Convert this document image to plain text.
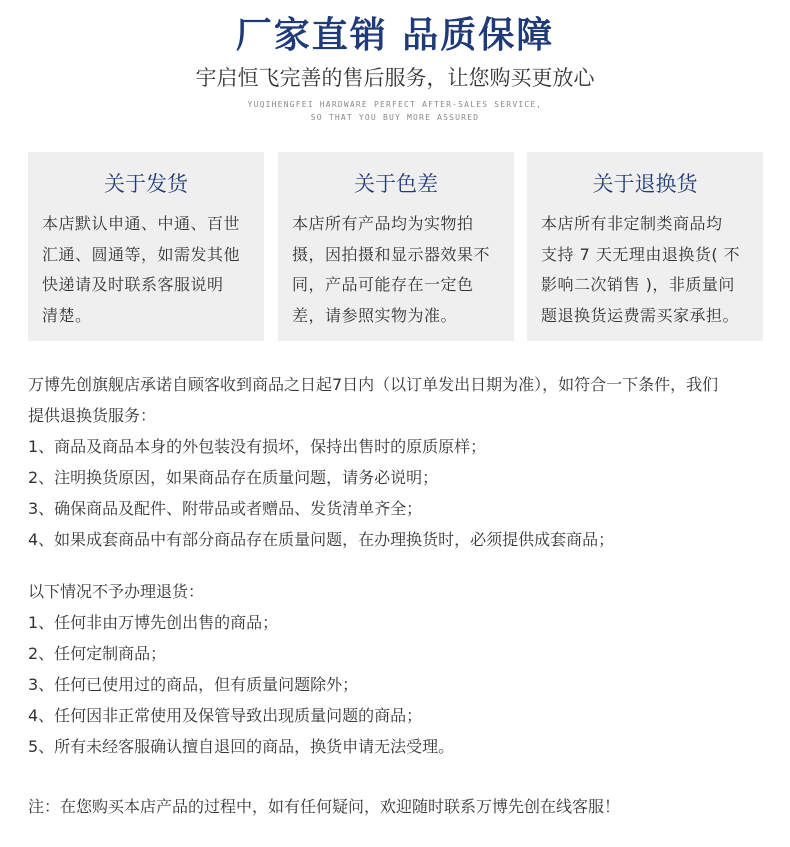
厂家直销 品质保障
宇启恒飞完善的售后服务，让您购买更放心
YUQIHENGFEI HARDWARE PERFECT AFTER-SALES SERVICE,
SO THAT YOU BUY MORE ASSURED
关于发货
本店默认申通、中通、百世
汇通、圆通等，如需发其他
快递请及时联系客服说明
清楚。
关于色差
本店所有产品均为实物拍
摄，因拍摄和显示器效果不
同，产品可能存在一定色
差，请参照实物为准。
关于退换货
本店所有非定制类商品均
支持 7 天无理由退换货( 不
影响二次销售 )，非质量问
题退换货运费需买家承担。
万博先创旗舰店承诺自顾客收到商品之日起7日内（以订单发出日期为准），如符合一下条件，我们
提供退换货服务：
1、商品及商品本身的外包装没有损坏，保持出售时的原质原样；
2、注明换货原因，如果商品存在质量问题，请务必说明；
3、确保商品及配件、附带品或者赠品、发货清单齐全；
4、如果成套商品中有部分商品存在质量问题，在办理换货时，必须提供成套商品；
以下情况不予办理退货：
1、任何非由万博先创出售的商品；
2、任何定制商品；
3、任何已使用过的商品，但有质量问题除外；
4、任何因非正常使用及保管导致出现质量问题的商品；
5、所有未经客服确认擅自退回的商品，换货申请无法受理。
注：在您购买本店产品的过程中，如有任何疑问，欢迎随时联系万博先创在线客服！
